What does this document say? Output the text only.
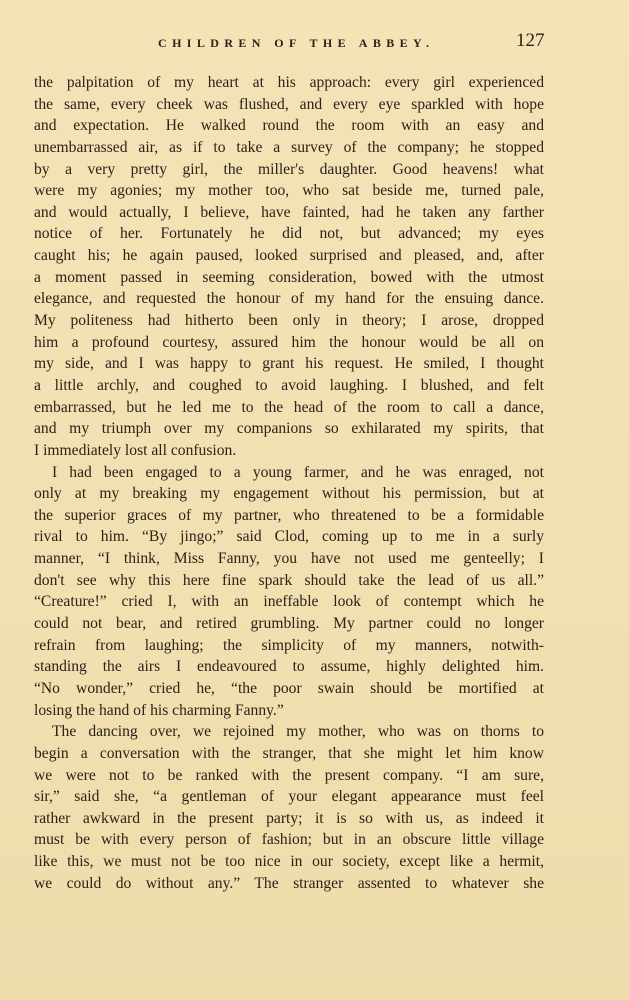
CHILDREN OF THE ABBEY.	127
the palpitation of my heart at his approach: every girl experienced
the same, every cheek was flushed, and every eye sparkled with hope
and expectation. He walked round the room with an easy and
unembarrassed air, as if to take a survey of the company; he stopped
by a very pretty girl, the miller's daughter. Good heavens! what
were my agonies; my mother too, who sat beside me, turned pale,
and would actually, I believe, have fainted, had he taken any farther
notice of her. Fortunately he did not, but advanced; my eyes
caught his; he again paused, looked surprised and pleased, and, after
a moment passed in seeming consideration, bowed with the utmost
elegance, and requested the honour of my hand for the ensuing dance.
My politeness had hitherto been only in theory; I arose, dropped
him a profound courtesy, assured him the honour would be all on
my side, and I was happy to grant his request. He smiled, I thought
a little archly, and coughed to avoid laughing. I blushed, and felt
embarrassed, but he led me to the head of the room to call a dance,
and my triumph over my companions so exhilarated my spirits, that
I immediately lost all confusion.
I had been engaged to a young farmer, and he was enraged, not
only at my breaking my engagement without his permission, but at
the superior graces of my partner, who threatened to be a formidable
rival to him. “By jingo;” said Clod, coming up to me in a surly
manner, “I think, Miss Fanny, you have not used me genteelly; I
don't see why this here fine spark should take the lead of us all.”
“Creature!” cried I, with an ineffable look of contempt which he
could not bear, and retired grumbling. My partner could no longer
refrain from laughing; the simplicity of my manners, notwith-
standing the airs I endeavoured to assume, highly delighted him.
“No wonder,” cried he, “the poor swain should be mortified at
losing the hand of his charming Fanny.”
The dancing over, we rejoined my mother, who was on thorns to
begin a conversation with the stranger, that she might let him know
we were not to be ranked with the present company. “I am sure,
sir,” said she, “a gentleman of your elegant appearance must feel
rather awkward in the present party; it is so with us, as indeed it
must be with every person of fashion; but in an obscure little village
like this, we must not be too nice in our society, except like a hermit,
we could do without any.” The stranger assented to whatever she
